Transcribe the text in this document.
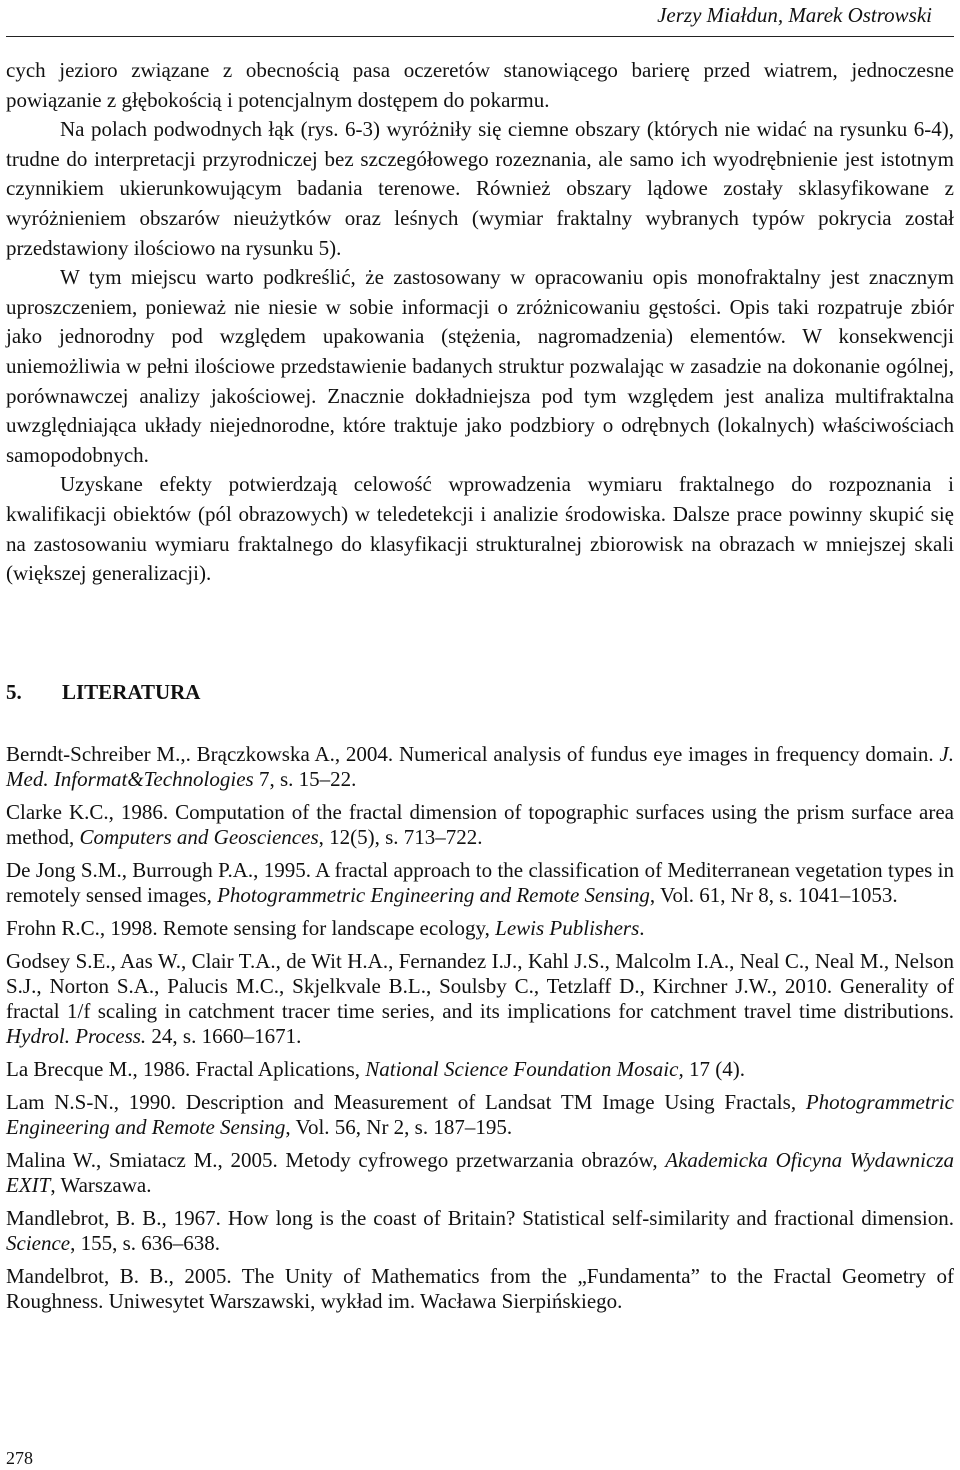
Jerzy Miałdun, Marek Ostrowski

cych jezioro związane z obecnością pasa oczeretów stanowiącego barierę przed wiatrem, jednoczesne powiązanie z głębokością i potencjalnym dostępem do pokarmu.

Na polach podwodnych łąk (rys. 6-3) wyróżniły się ciemne obszary (których nie widać na rysunku 6-4), trudne do interpretacji przyrodniczej bez szczegółowego rozeznania, ale samo ich wyodrębnienie jest istotnym czynnikiem ukierunkowującym badania terenowe. Również obszary lądowe zostały sklasyfikowane z wyróżnieniem obszarów nieużytków oraz leśnych (wymiar fraktalny wybranych typów pokrycia został przedstawiony ilościowo na rysunku 5).

W tym miejscu warto podkreślić, że zastosowany w opracowaniu opis monofraktalny jest znacznym uproszczeniem, ponieważ nie niesie w sobie informacji o zróżnicowaniu gęstości. Opis taki rozpatruje zbiór jako jednorodny pod względem upakowania (stężenia, nagromadzenia) elementów. W konsekwencji uniemożliwia w pełni ilościowe przedstawienie badanych struktur pozwalając w zasadzie na dokonanie ogólnej, porównawczej analizy jakościowej. Znacznie dokładniejsza pod tym względem jest analiza multifraktalna uwzględniająca układy niejednorodne, które traktuje jako podzbiory o odrębnych (lokalnych) właściwościach samopodobnych.

Uzyskane efekty potwierdzają celowość wprowadzenia wymiaru fraktalnego do rozpoznania i kwalifikacji obiektów (pól obrazowych) w teledetekcji i analizie środowiska. Dalsze prace powinny skupić się na zastosowaniu wymiaru fraktalnego do klasyfikacji strukturalnej zbiorowisk na obrazach w mniejszej skali (większej generalizacji).

5. LITERATURA

Berndt-Schreiber M.,. Brączkowska A., 2004. Numerical analysis of fundus eye images in frequency domain. J. Med. Informat&Technologies 7, s. 15–22.

Clarke K.C., 1986. Computation of the fractal dimension of topographic surfaces using the prism surface area method, Computers and Geosciences, 12(5), s. 713–722.

De Jong S.M., Burrough P.A., 1995. A fractal approach to the classification of Mediterranean vegetation types in remotely sensed images, Photogrammetric Engineering and Remote Sensing, Vol. 61, Nr 8, s. 1041–1053.

Frohn R.C., 1998. Remote sensing for landscape ecology, Lewis Publishers.

Godsey S.E., Aas W., Clair T.A., de Wit H.A., Fernandez I.J., Kahl J.S., Malcolm I.A., Neal C., Neal M., Nelson S.J., Norton S.A., Palucis M.C., Skjelkvale B.L., Soulsby C., Tetzlaff D., Kirchner J.W., 2010. Generality of fractal 1/f scaling in catchment tracer time series, and its implications for catchment travel time distributions. Hydrol. Process. 24, s. 1660–1671.

La Brecque M., 1986. Fractal Aplications, National Science Foundation Mosaic, 17 (4).

Lam N.S-N., 1990. Description and Measurement of Landsat TM Image Using Fractals, Photogrammetric Engineering and Remote Sensing, Vol. 56, Nr 2, s. 187–195.

Malina W., Smiatacz M., 2005. Metody cyfrowego przetwarzania obrazów, Akademicka Oficyna Wydawnicza EXIT, Warszawa.

Mandlebrot, B. B., 1967. How long is the coast of Britain? Statistical self-similarity and fractional dimension. Science, 155, s. 636–638.

Mandelbrot, B. B., 2005. The Unity of Mathematics from the „Fundamenta” to the Fractal Geometry of Roughness. Uniwesytet Warszawski, wykład im. Wacława Sierpińskiego.

278
